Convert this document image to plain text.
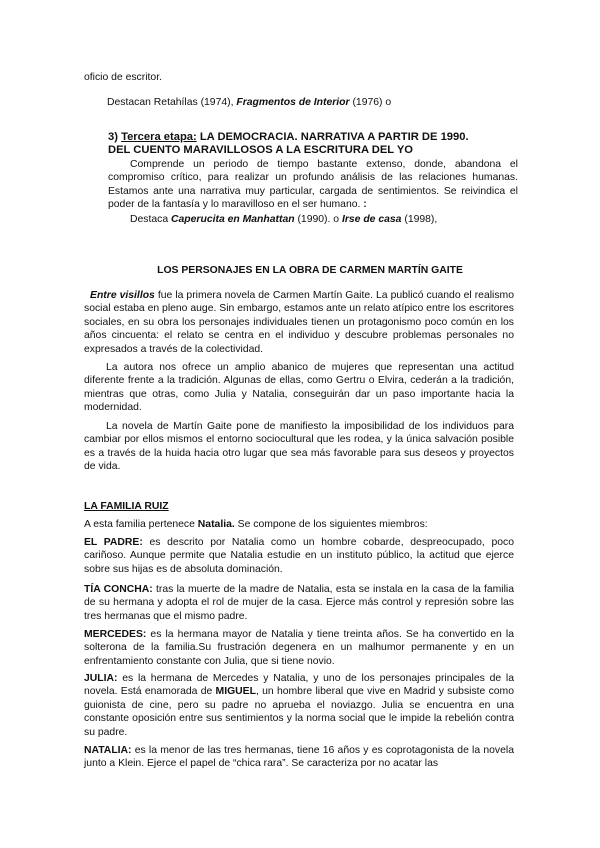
oficio de escritor.

Destacan Retahílas (1974), Fragmentos de Interior (1976) o

3) Tercera etapa: LA DEMOCRACIA. NARRATIVA A PARTIR DE 1990.
DEL CUENTO MARAVILLOSOS A LA ESCRITURA DEL YO

Comprende un periodo de tiempo bastante extenso, donde, abandona el compromiso crítico, para realizar un profundo análisis de las relaciones humanas. Estamos ante una narrativa muy particular, cargada de sentimientos. Se reivindica el poder de la fantasía y lo maravilloso en el ser humano. :

Destaca Caperucita en Manhattan (1990). o Irse de casa (1998),

LOS PERSONAJES EN LA OBRA DE CARMEN MARTÍN GAITE

Entre visillos fue la primera novela de Carmen Martín Gaite. La publicó cuando el realismo social estaba en pleno auge. Sin embargo, estamos ante un relato atípico entre los escritores sociales, en su obra los personajes individuales tienen un protagonismo poco común en los años cincuenta: el relato se centra en el individuo y descubre problemas personales no expresados a través de la colectividad.

La autora nos ofrece un amplio abanico de mujeres que representan una actitud diferente frente a la tradición. Algunas de ellas, como Gertru o Elvira, cederán a la tradición, mientras que otras, como Julia y Natalia, conseguirán dar un paso importante hacia la modernidad.

La novela de Martín Gaite pone de manifiesto la imposibilidad de los individuos para cambiar por ellos mismos el entorno sociocultural que les rodea, y la única salvación posible es a través de la huida hacia otro lugar que sea más favorable para sus deseos y proyectos de vida.

LA FAMILIA RUIZ

A esta familia pertenece Natalia. Se compone de los siguientes miembros:

EL PADRE: es descrito por Natalia como un hombre cobarde, despreocupado, poco cariñoso. Aunque permite que Natalia estudie en un instituto público, la actitud que ejerce sobre sus hijas es de absoluta dominación.

TÍA CONCHA: tras la muerte de la madre de Natalia, esta se instala en la casa de la familia de su hermana y adopta el rol de mujer de la casa. Ejerce más control y represión sobre las tres hermanas que el mismo padre.

MERCEDES: es la hermana mayor de Natalia y tiene treinta años. Se ha convertido en la solterona de la familia.Su frustración degenera en un malhumor permanente y en un enfrentamiento constante con Julia, que si tiene novio.

JULIA: es la hermana de Mercedes y Natalia, y uno de los personajes principales de la novela. Está enamorada de MIGUEL, un hombre liberal que vive en Madrid y subsiste como guionista de cine, pero su padre no aprueba el noviazgo. Julia se encuentra en una constante oposición entre sus sentimientos y la norma social que le impide la rebelión contra su padre.

NATALIA: es la menor de las tres hermanas, tiene 16 años y es coprotagonista de la novela junto a Klein. Ejerce el papel de “chica rara”. Se caracteriza por no acatar las
